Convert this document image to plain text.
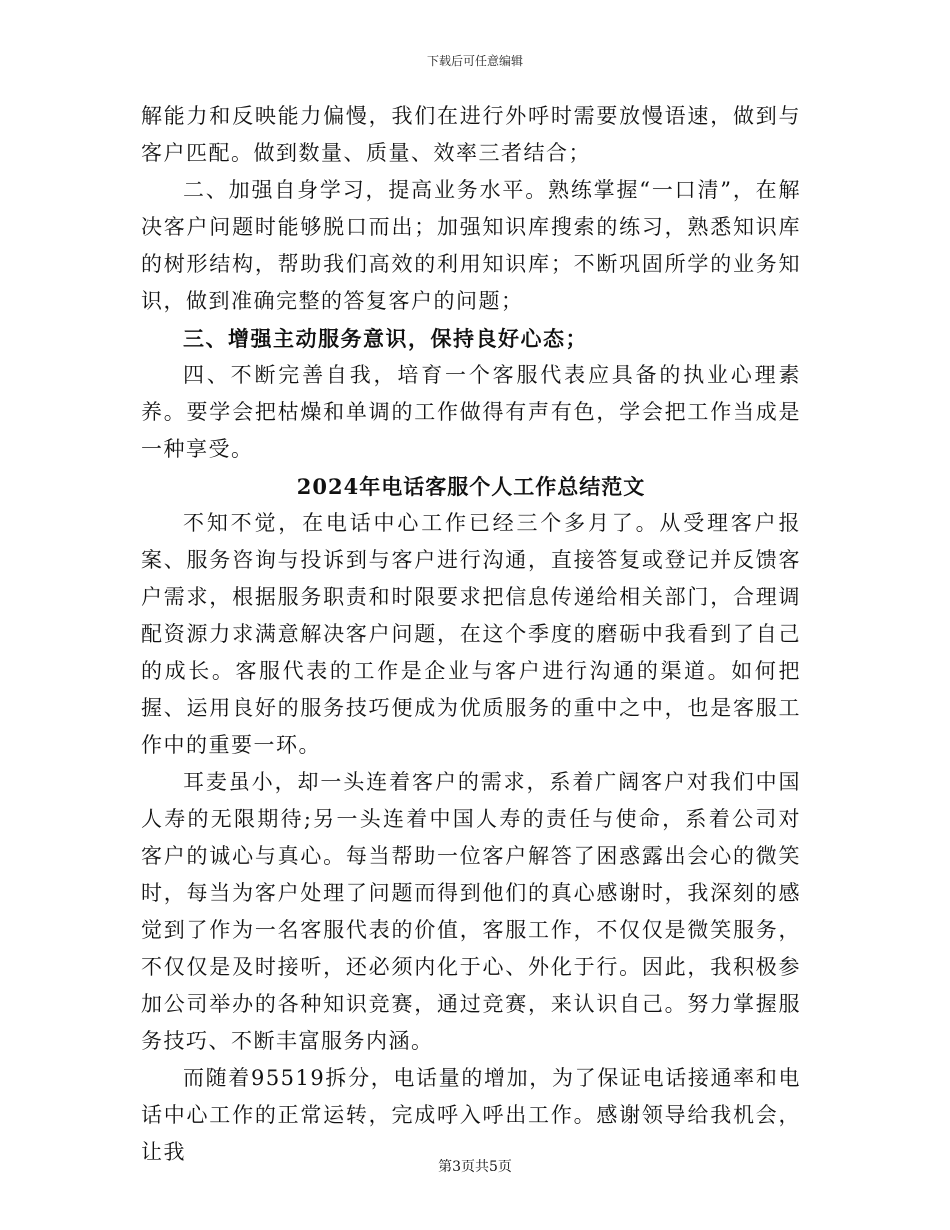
下载后可任意编辑

解能力和反映能力偏慢，我们在进行外呼时需要放慢语速，做到与客户匹配。做到数量、质量、效率三者结合；

二、加强自身学习，提高业务水平。熟练掌握“一口清”，在解决客户问题时能够脱口而出；加强知识库搜索的练习，熟悉知识库的树形结构，帮助我们高效的利用知识库；不断巩固所学的业务知识，做到准确完整的答复客户的问题；

三、增强主动服务意识，保持良好心态；

四、不断完善自我，培育一个客服代表应具备的执业心理素养。要学会把枯燥和单调的工作做得有声有色，学会把工作当成是一种享受。

2024年电话客服个人工作总结范文

不知不觉，在电话中心工作已经三个多月了。从受理客户报案、服务咨询与投诉到与客户进行沟通，直接答复或登记并反馈客户需求，根据服务职责和时限要求把信息传递给相关部门，合理调配资源力求满意解决客户问题，在这个季度的磨砺中我看到了自己的成长。客服代表的工作是企业与客户进行沟通的渠道。如何把握、运用良好的服务技巧便成为优质服务的重中之中，也是客服工作中的重要一环。

耳麦虽小，却一头连着客户的需求，系着广阔客户对我们中国人寿的无限期待;另一头连着中国人寿的责任与使命，系着公司对客户的诚心与真心。每当帮助一位客户解答了困惑露出会心的微笑时，每当为客户处理了问题而得到他们的真心感谢时，我深刻的感觉到了作为一名客服代表的价值，客服工作，不仅仅是微笑服务，不仅仅是及时接听，还必须内化于心、外化于行。因此，我积极参加公司举办的各种知识竞赛，通过竞赛，来认识自己。努力掌握服务技巧、不断丰富服务内涵。

而随着95519拆分，电话量的增加，为了保证电话接通率和电话中心工作的正常运转，完成呼入呼出工作。感谢领导给我机会，让我

第3页共5页
